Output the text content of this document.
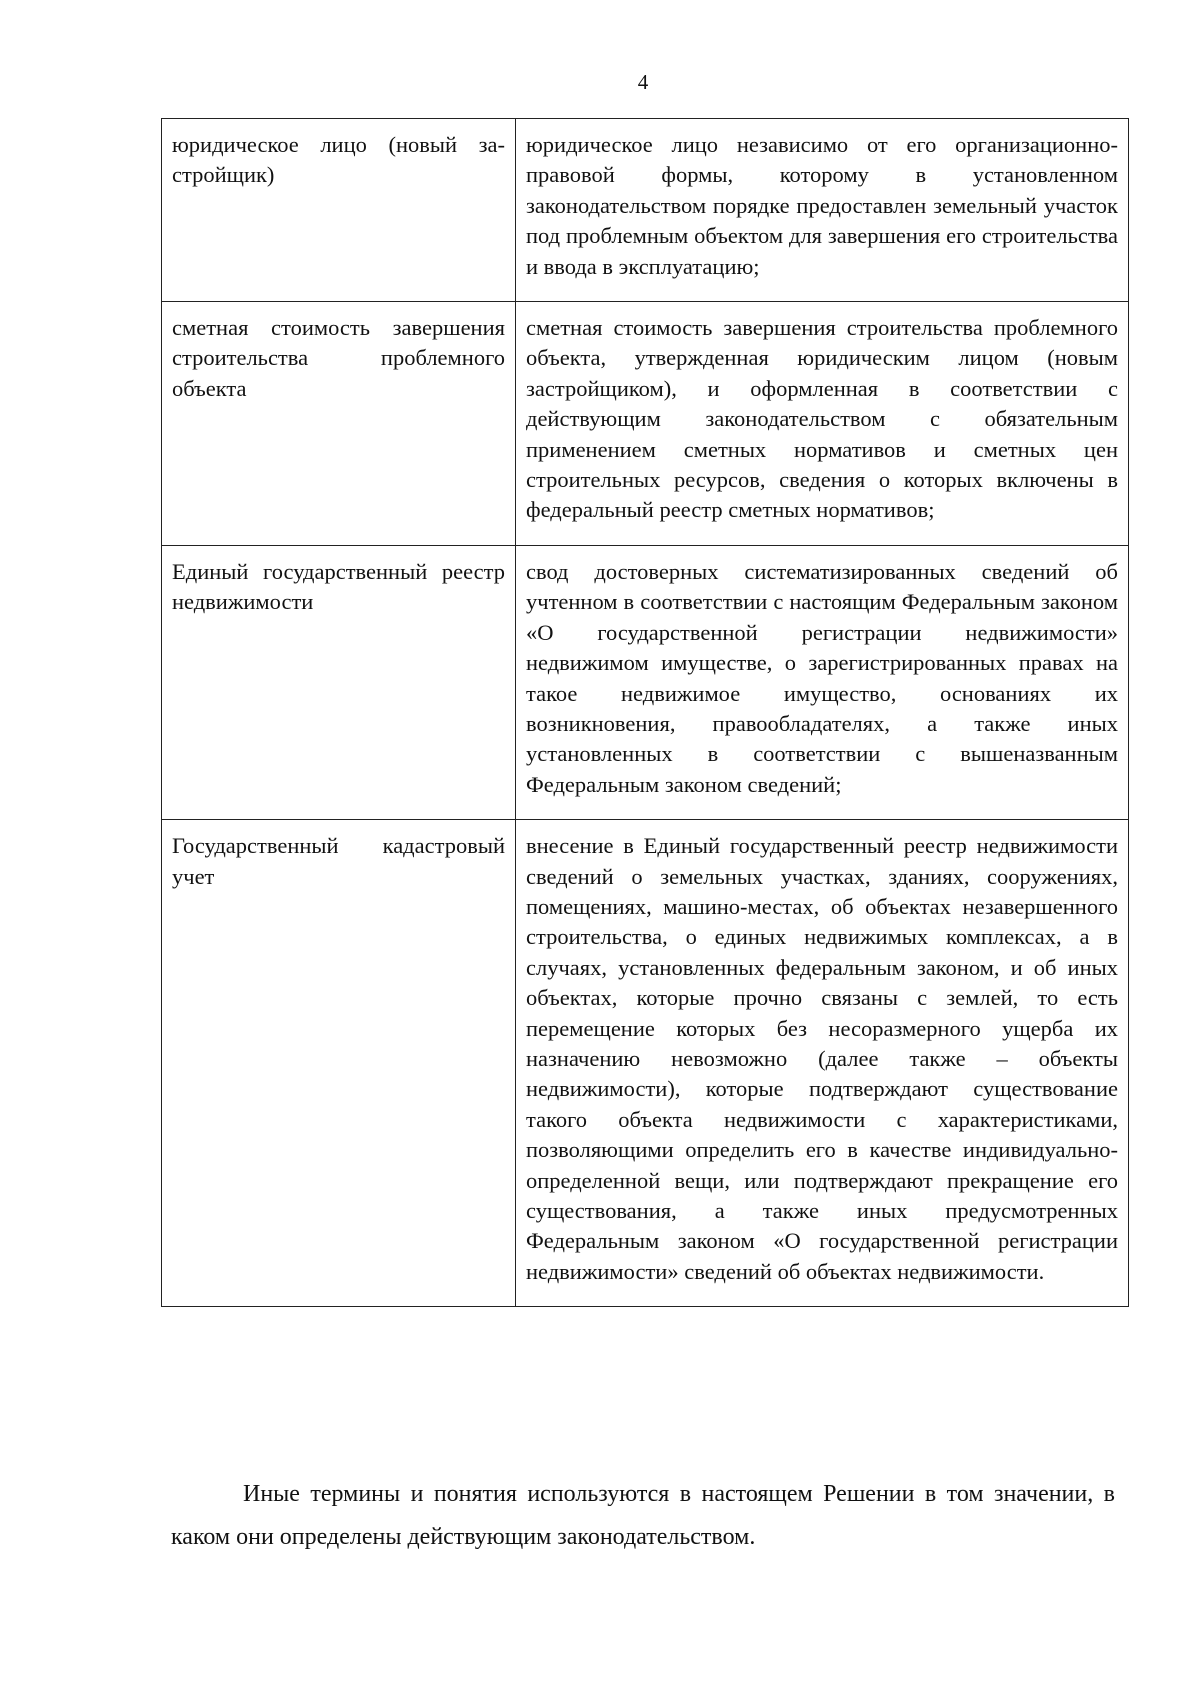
4
юридическое лицо (новый застройщик)	юридическое лицо независимо от его организационно-правовой формы, которому в установленном законодательством порядке предоставлен земельный участок под проблемным объектом для завершения его строительства и ввода в эксплуатацию;
сметная стоимость завершения строительства проблемного объекта	сметная стоимость завершения строительства проблемного объекта, утвержденная юридическим лицом (новым застройщиком), и оформленная в соответствии с действующим законодательством с обязательным применением сметных нормативов и сметных цен строительных ресурсов, сведения о которых включены в федеральный реестр сметных нормативов;
Единый государственный реестр недвижимости	свод достоверных систематизированных сведений об учтенном в соответствии с настоящим Федеральным законом «О государственной регистрации недвижимости» недвижимом имуществе, о зарегистрированных правах на такое недвижимое имущество, основаниях их возникновения, правообладателях, а также иных установленных в соответствии с вышеназванным Федеральным законом сведений;
Государственный кадастровый учет	внесение в Единый государственный реестр недвижимости сведений о земельных участках, зданиях, сооружениях, помещениях, машино-местах, об объектах незавершенного строительства, о единых недвижимых комплексах, а в случаях, установленных федеральным законом, и об иных объектах, которые прочно связаны с землей, то есть перемещение которых без несоразмерного ущерба их назначению невозможно (далее также – объекты недвижимости), которые подтверждают существование такого объекта недвижимости с характеристиками, позволяющими определить его в качестве индивидуально-определенной вещи, или подтверждают прекращение его существования, а также иных предусмотренных Федеральным законом «О государственной регистрации недвижимости» сведений об объектах недвижимости.

Иные термины и понятия используются в настоящем Решении в том значении, в каком они определены действующим законодательством.
